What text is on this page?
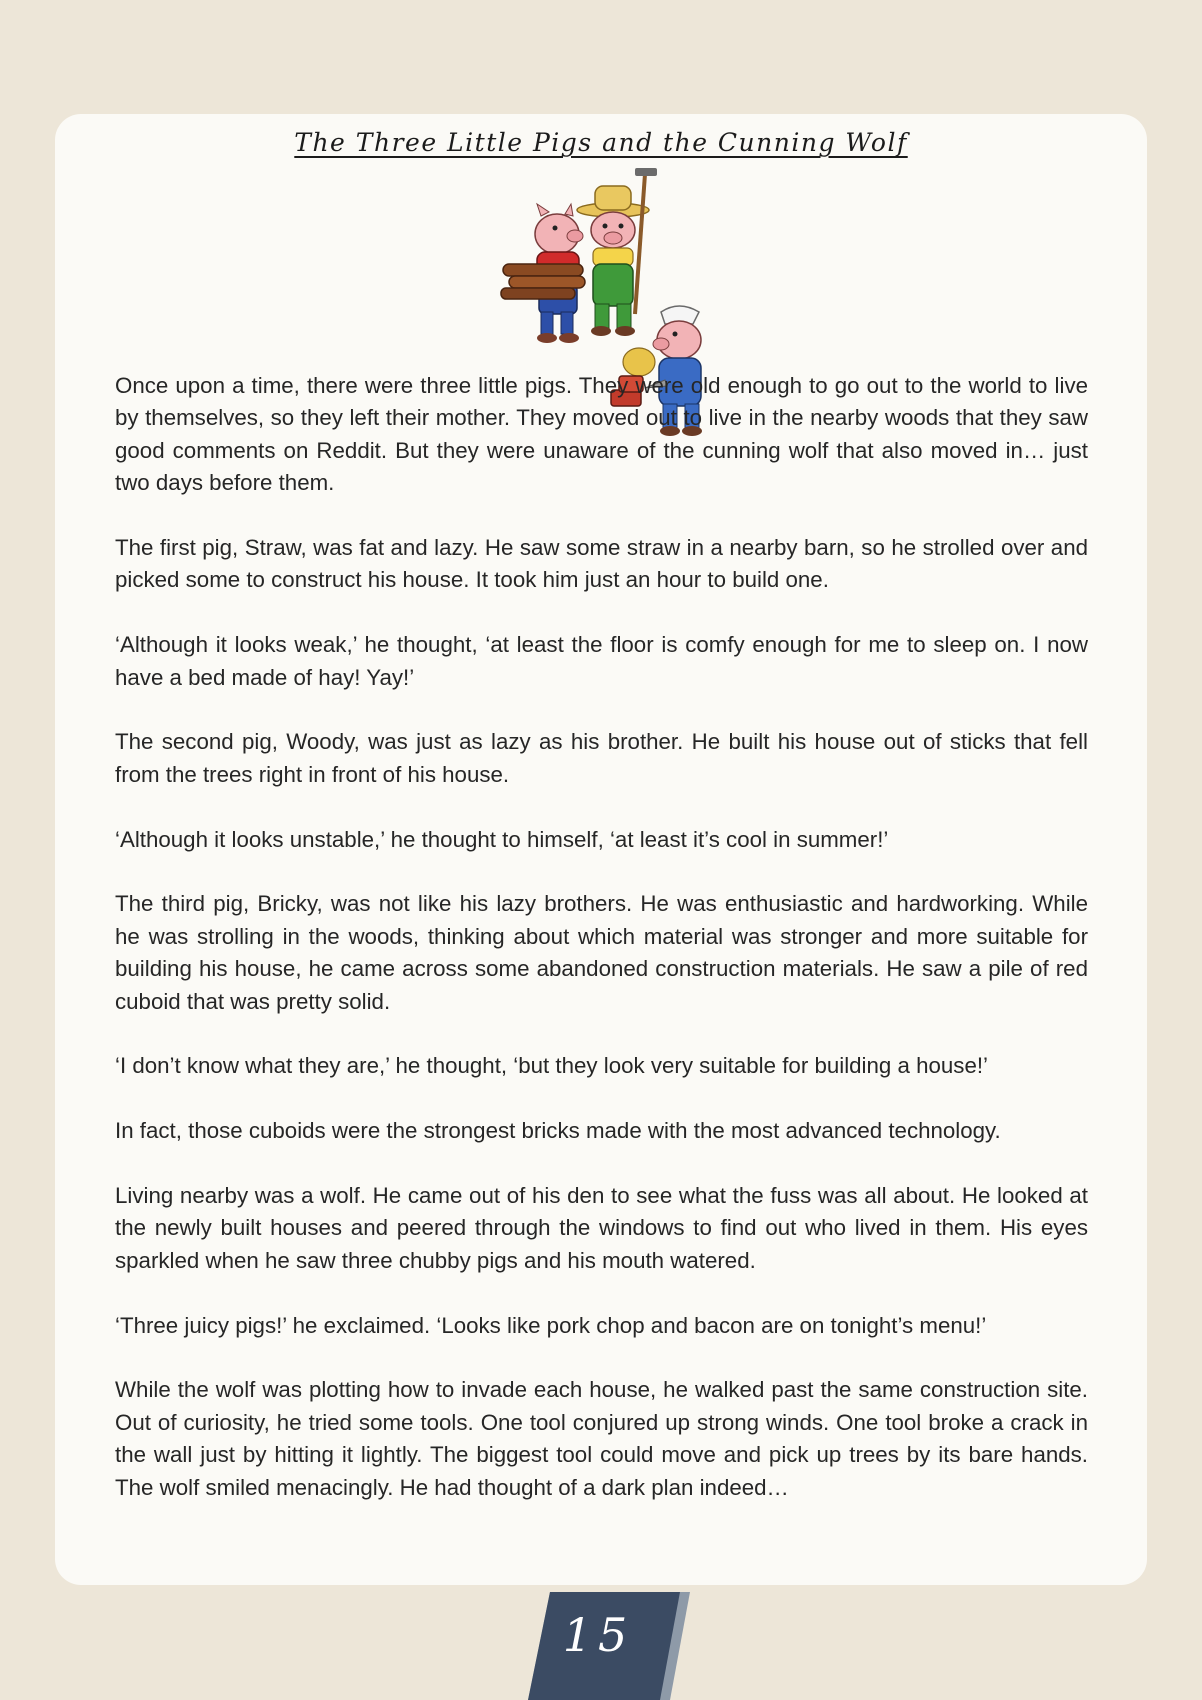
The Three Little Pigs and the Cunning Wolf

Once upon a time, there were three little pigs. They were old enough to go out to the world to live by themselves, so they left their mother. They moved out to live in the nearby woods that they saw good comments on Reddit. But they were unaware of the cunning wolf that also moved in… just two days before them.

The first pig, Straw, was fat and lazy. He saw some straw in a nearby barn, so he strolled over and picked some to construct his house. It took him just an hour to build one.

‘Although it looks weak,’ he thought, ‘at least the floor is comfy enough for me to sleep on. I now have a bed made of hay! Yay!’

The second pig, Woody, was just as lazy as his brother. He built his house out of sticks that fell from the trees right in front of his house.

‘Although it looks unstable,’ he thought to himself, ‘at least it’s cool in summer!’

The third pig, Bricky, was not like his lazy brothers. He was enthusiastic and hardworking. While he was strolling in the woods, thinking about which material was stronger and more suitable for building his house, he came across some abandoned construction materials. He saw a pile of red cuboid that was pretty solid.

‘I don’t know what they are,’ he thought, ‘but they look very suitable for building a house!’

In fact, those cuboids were the strongest bricks made with the most advanced technology.

Living nearby was a wolf. He came out of his den to see what the fuss was all about. He looked at the newly built houses and peered through the windows to find out who lived in them. His eyes sparkled when he saw three chubby pigs and his mouth watered.

‘Three juicy pigs!’ he exclaimed. ‘Looks like pork chop and bacon are on tonight’s menu!’

While the wolf was plotting how to invade each house, he walked past the same construction site. Out of curiosity, he tried some tools. One tool conjured up strong winds. One tool broke a crack in the wall just by hitting it lightly. The biggest tool could move and pick up trees by its bare hands. The wolf smiled menacingly. He had thought of a dark plan indeed…

15
